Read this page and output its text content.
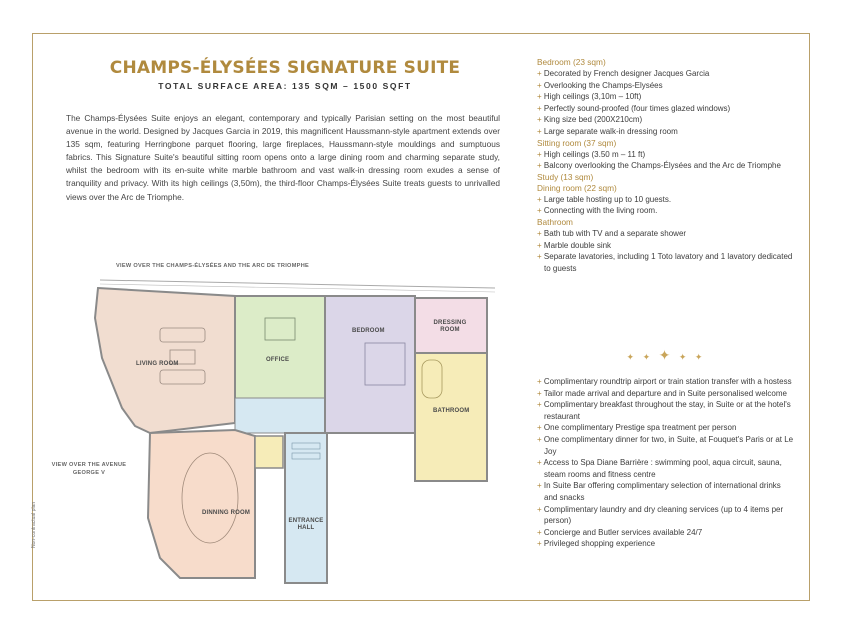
CHAMPS-ÉLYSÉES SIGNATURE SUITE
TOTAL SURFACE AREA: 135 SQM – 1500 SQFT

The Champs-Élysées Suite enjoys an elegant, contemporary and typically Parisian setting on the most beautiful avenue in the world. Designed by Jacques Garcia in 2019, this magnificent Haussmann-style apartment extends over 135 sqm, featuring Herringbone parquet flooring, large fireplaces, Haussmann-style mouldings and sumptuous fabrics. This Signature Suite's beautiful sitting room opens onto a large dining room and charming separate study, whilst the bedroom with its en-suite white marble bathroom and vast walk-in dressing room exudes a sense of tranquility and privacy. With its high ceilings (3,50m), the third-floor Champs-Élysées Suite treats guests to unrivalled views over the Arc de Triomphe.

VIEW OVER THE CHAMPS-ÉLYSÉES AND THE ARC DE TRIOMPHE
VIEW OVER THE AVENUE GEORGE V
Non-contractual plan
LIVING ROOM
OFFICE
BEDROOM
DRESSING ROOM
BATHROOM
DINNING ROOM
ENTRANCE HALL
Bedroom (23 sqm)
+ Decorated by French designer Jacques Garcia
+ Overlooking the Champs-Elysées
+ High ceilings (3,10m – 10ft)
+ Perfectly sound-proofed (four times glazed windows)
+ King size bed (200X210cm)
+ Large separate walk-in dressing room
Sitting room (37 sqm)
+ High ceilings (3.50 m – 11 ft)
+ Balcony overlooking the Champs-Élysées and the Arc de Triomphe
Study (13 sqm)
Dining room (22 sqm)
+ Large table hosting up to 10 guests.
+ Connecting with the living room.
Bathroom
+ Bath tub with TV and a separate shower
+ Marble double sink
+ Separate lavatories, including 1 Toto lavatory and 1 lavatory dedicated to guests
✦ ✦ ✦ ✦ ✦
+ Complimentary roundtrip airport or train station transfer with a hostess
+ Tailor made arrival and departure and in Suite personalised welcome
+ Complimentary breakfast throughout the stay, in Suite or at the hotel's restaurant
+ One complimentary Prestige spa treatment per person
+ One complimentary dinner for two, in Suite, at Fouquet's Paris or at Le Joy
+ Access to Spa Diane Barrière : swimming pool, aqua circuit, sauna, steam rooms and fitness centre
+ In Suite Bar offering complimentary selection of international drinks and snacks
+ Complimentary laundry and dry cleaning services (up to 4 items per person)
+ Concierge and Butler services available 24/7
+ Privileged shopping experience
